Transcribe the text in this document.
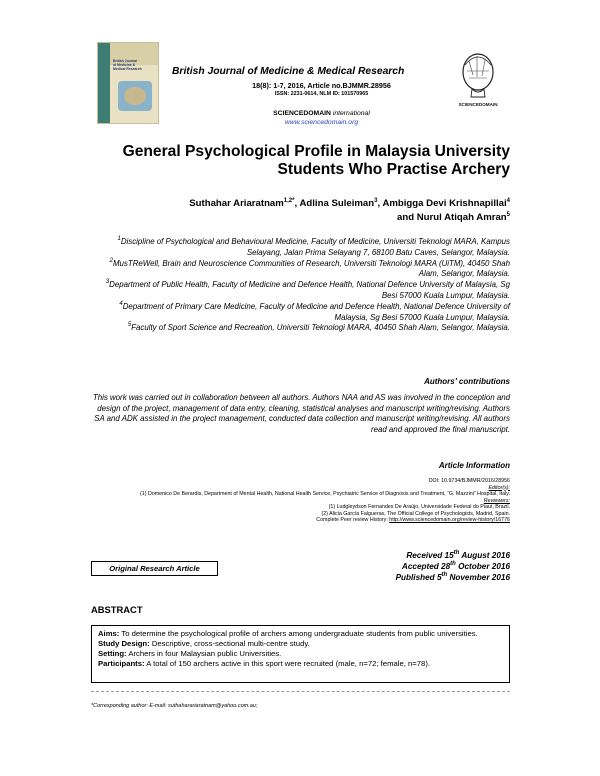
British Journal
of Medicine &
Medical Research	British Journal of Medicine & Medical Research
18(8): 1-7, 2016, Article no.BJMMR.28956
ISSN: 2231-0614, NLM ID: 101570965
SCIENCEDOMAIN international
www.sciencedomain.org
SCIENCEDOMAIN
General Psychological Profile in Malaysia University
Students Who Practise Archery
Suthahar Ariaratnam$^{1,2*}$, Adlina Suleiman$^3$, Ambigga Devi Krishnapillai$^4$
and Nurul Atiqah Amran$^5$

$^1$Discipline of Psychological and Behavioural Medicine, Faculty of Medicine, Universiti Teknologi MARA, Kampus Selayang, Jalan Prima Selayang 7, 68100 Batu Caves, Selangor, Malaysia.

$^2$MusTReWell, Brain and Neuroscience Communities of Research, Universiti Teknologi MARA (UiTM), 40450 Shah Alam, Selangor, Malaysia.

$^3$Department of Public Health, Faculty of Medicine and Defence Health, National Defence University of Malaysia, Sg Besi 57000 Kuala Lumpur, Malaysia.

$^4$Department of Primary Care Medicine, Faculty of Medicine and Defence Health, National Defence University of Malaysia, Sg Besi 57000 Kuala Lumpur, Malaysia.

$^5$Faculty of Sport Science and Recreation, Universiti Teknologi MARA, 40450 Shah Alam, Selangor, Malaysia.

Authors’ contributions
This work was carried out in collaboration between all authors. Authors NAA and AS was involved in the conception and design of the project, management of data entry, cleaning, statistical analyses and manuscript writing/revising. Authors SA and ADK assisted in the project management, conducted data collection and manuscript writing/revising. All authors read and approved the final manuscript.
Article Information

DOI: 10.9734/BJMMR/2016/28956

Editor(s):

(1) Domenico De Berardis, Department of Mental Health, National Health Service, Psychiatric Service of Diagnosis and Treatment, “G. Mazzini” Hospital, Italy.

Reviewers:

(1) Ludgleydson Fernandes De Araújo, Universidade Federal do Piauí, Brazil.

(2) Alicia García Falgueras, The Official College of Psychologists, Madrid, Spain.

Complete Peer review History: http://www.sciencedomain.org/review-history/16776

Received 15th August 2016
Accepted 28th October 2016
Published 5th November 2016
Original Research Article
ABSTRACT

Aims: To determine the psychological profile of archers among undergraduate students from public universities.

Study Design: Descriptive, cross-sectional multi-centre study.

Setting: Archers in four Malaysian public Universities.

Participants: A total of 150 archers active in this sport were recruited (male, n=72; female, n=78).

*Corresponding author: E-mail: suthaharariaratnam@yahoo.com.au;
